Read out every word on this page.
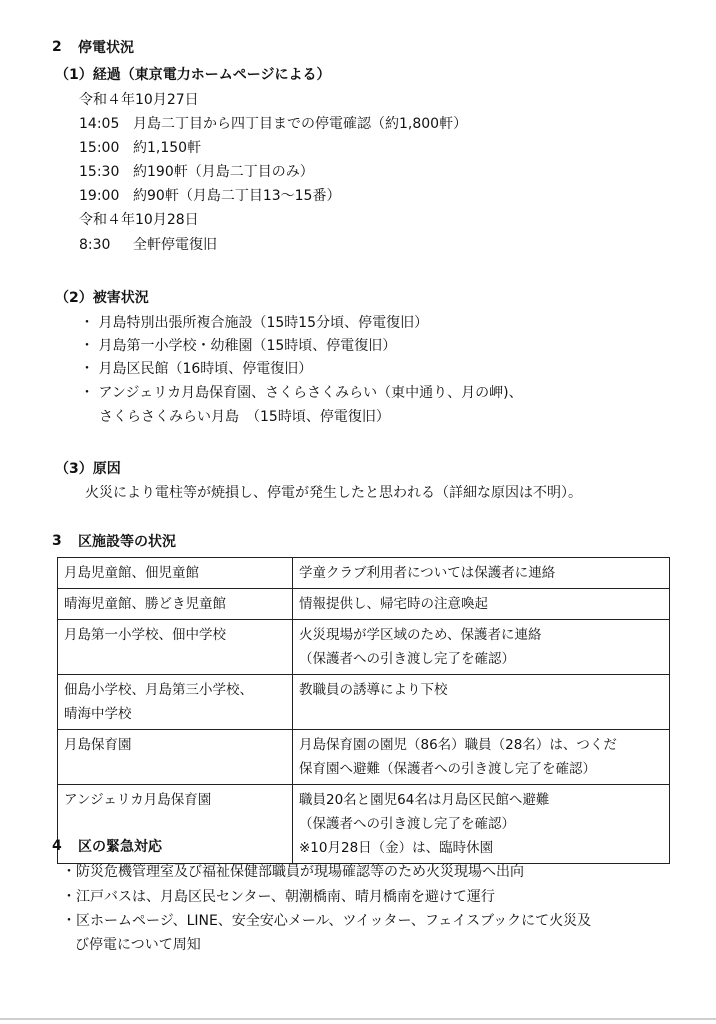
2 停電状況
（1）経過（東京電力ホームページによる）
令和４年10月27日
14:05 月島二丁目から四丁目までの停電確認（約1,800軒）
15:00 約1,150軒
15:30 約190軒（月島二丁目のみ）
19:00 約90軒（月島二丁目13～15番）
令和４年10月28日
8:30 全軒停電復旧
（2）被害状況
・ 月島特別出張所複合施設（15時15分頃、停電復旧）
・ 月島第一小学校・幼稚園（15時頃、停電復旧）
・ 月島区民館（16時頃、停電復旧）
・ アンジェリカ月島保育園、さくらさくみらい（東中通り、月の岬)、
さくらさくみらい月島　（15時頃、停電復旧）
（3）原因
火災により電柱等が焼損し、停電が発生したと思われる（詳細な原因は不明）。
3 区施設等の状況
月島児童館、佃児童館	学童クラブ利用者については保護者に連絡

晴海児童館、勝どき児童館	情報提供し、帰宅時の注意喚起

月島第一小学校、佃中学校	火災現場が学区域のため、保護者に連絡
（保護者への引き渡し完了を確認）

佃島小学校、月島第三小学校、
晴海中学校	教職員の誘導により下校

月島保育園	月島保育園の園児（86名）職員（28名）は、つくだ
保育園へ避難（保護者への引き渡し完了を確認）

アンジェリカ月島保育園	職員20名と園児64名は月島区民館へ避難
（保護者への引き渡し完了を確認）
※10月28日（金）は、臨時休園
4 区の緊急対応
・防災危機管理室及び福祉保健部職員が現場確認等のため火災現場へ出向
・江戸バスは、月島区民センター、朝潮橋南、晴月橋南を避けて運行
・区ホームページ、LINE、安全安心メール、ツイッター、フェイスブックにて火災及
び停電について周知
